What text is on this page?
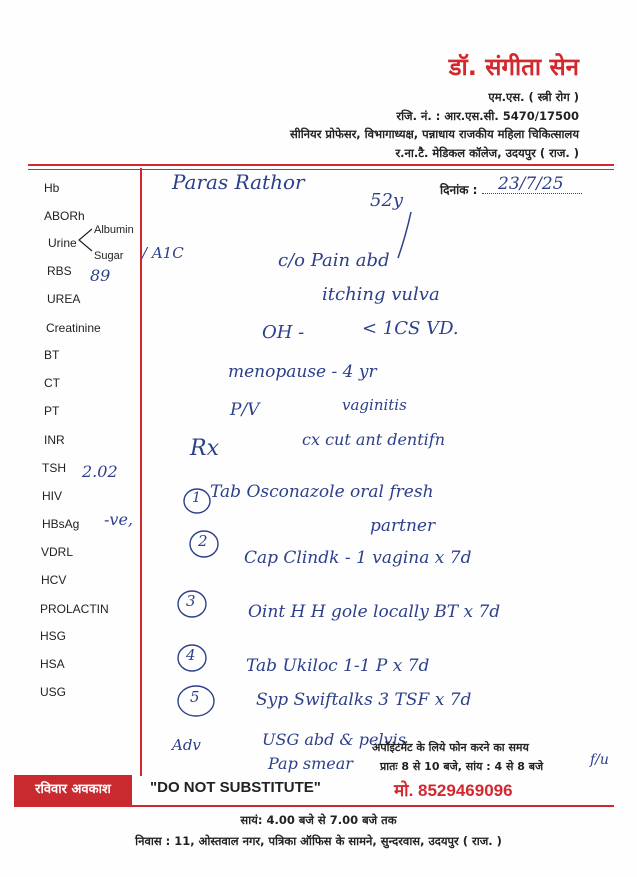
डॉ. संगीता सेन
एम.एस. ( स्त्री रोग )
रजि. नं. : आर.एस.सी. 5470/17500
सीनियर प्रोफेसर, विभागाध्यक्ष, पन्नाधाय राजकीय महिला चिकित्सालय
र.ना.टै. मेडिकल कॉलेज, उदयपुर ( राज. )
Hb
ABORh
Urine
Albumin
Sugar
RBS
UREA
Creatinine
BT
CT
PT
INR
TSH
HIV
HBsAg
VDRL
HCV
PROLACTIN
HSG
HSA
USG
दिनांक :
Paras Rathor
52y
23/7/25
/ A1C
89
c/o Pain abd
itching vulva
OH -	< 1CS VD.
menopause - 4 yr
P/V	vaginitis
cx cut ant dentifn
Rx
2.02
-ve,
1 Tab Osconazole oral fresh
partner
2
Cap Clindk - 1 vagina x 7d
3
Oint H H gole locally BT x 7d
4
Tab Ukiloc 1-1 P x 7d
5	Syp Swiftalks 3 TSF x 7d
Adv	USG abd & pelvis
Pap smear	f/u
अपॉइंटमेंट के लिये फोन करने का समय
प्रातः 8 से 10 बजे, सांय : 4 से 8 बजे
रविवार अवकाश	"DO NOT SUBSTITUTE"	मो. 8529469096
सायं: 4.00 बजे से 7.00 बजे तक
निवास : 11, ओस्तवाल नगर, पत्रिका ऑफिस के सामने, सुन्दरवास, उदयपुर ( राज. )
